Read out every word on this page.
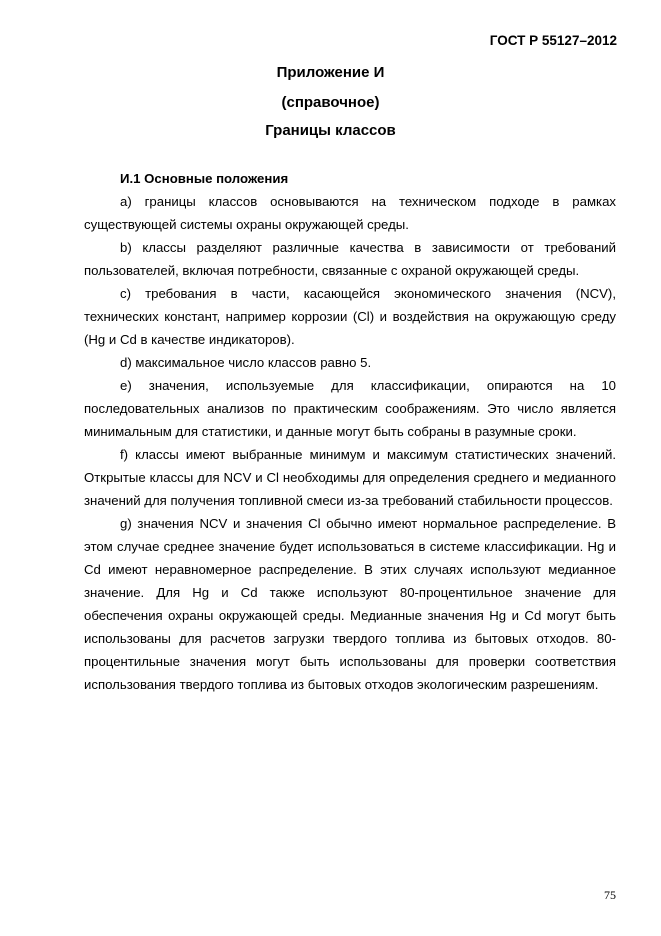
ГОСТ Р 55127–2012
Приложение И
(справочное)
Границы классов
И.1 Основные положения

a) границы классов основываются на техническом подходе в рамках существующей системы охраны окружающей среды.

b) классы разделяют различные качества в зависимости от требований пользователей, включая потребности, связанные с охраной окружающей среды.

c) требования в части, касающейся экономического значения (NCV), технических констант, например коррозии (Cl) и воздействия на окружающую среду (Hg и Cd в качестве индикаторов).

d) максимальное число классов равно 5.

e) значения, используемые для классификации, опираются на 10 последовательных анализов по практическим соображениям. Это число является минимальным для статистики, и данные могут быть собраны в разумные сроки.

f) классы имеют выбранные минимум и максимум статистических значений. Открытые классы для NCV и Cl необходимы для определения среднего и медианного значений для получения топливной смеси из-за требований стабильности процессов.

g) значения NCV и значения Cl обычно имеют нормальное распределение. В этом случае среднее значение будет использоваться в системе классификации. Hg и Cd имеют неравномерное распределение. В этих случаях используют медианное значение. Для Hg и Cd также используют 80-процентильное значение для обеспечения охраны окружающей среды. Медианные значения Hg и Cd могут быть использованы для расчетов загрузки твердого топлива из бытовых отходов. 80-процентильные значения могут быть использованы для проверки соответствия использования твердого топлива из бытовых отходов экологическим разрешениям.

75
